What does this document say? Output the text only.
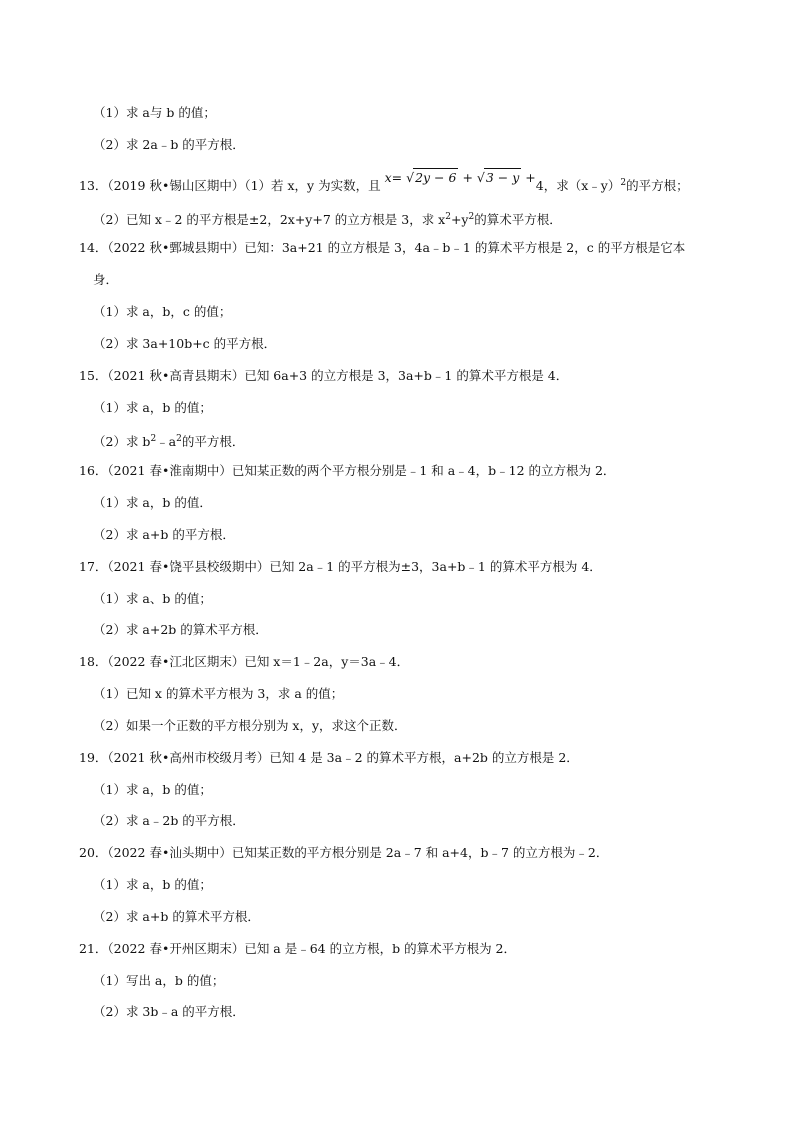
（1）求 a与 b 的值；
（2）求 2a﹣b 的平方根．
13．（2019 秋•锡山区期中）（1）若 x，y 为实数，且 x= √2y − 6 + √3 − y +4，求（x﹣y）$^2$的平方根；
（2）已知 x﹣2 的平方根是±2，2x+y+7 的立方根是 3，求 $x^2+y^2$的算术平方根．
14．（2022 秋•鄄城县期中）已知：3a+21 的立方根是 3，4a﹣b﹣1 的算术平方根是 2，c 的平方根是它本
身．
（1）求 a，b，c 的值；
（2）求 3a+10b+c 的平方根．
15．（2021 秋•高青县期末）已知 6a+3 的立方根是 3，3a+b﹣1 的算术平方根是 4．
（1）求 a，b 的值；
（2）求 $b^2﹣a^2$的平方根．
16．（2021 春•淮南期中）已知某正数的两个平方根分别是﹣1 和 a﹣4，b﹣12 的立方根为 2．
（1）求 a，b 的值．
（2）求 a+b 的平方根．
17．（2021 春•饶平县校级期中）已知 2a﹣1 的平方根为±3，3a+b﹣1 的算术平方根为 4．
（1）求 a、b 的值；
（2）求 a+2b 的算术平方根．
18．（2022 春•江北区期末）已知 x＝1﹣2a，y＝3a﹣4．
（1）已知 x 的算术平方根为 3，求 a 的值；
（2）如果一个正数的平方根分别为 x，y，求这个正数．
19．（2021 秋•高州市校级月考）已知 4 是 3a﹣2 的算术平方根，a+2b 的立方根是 2．
（1）求 a，b 的值；
（2）求 a﹣2b 的平方根．
20．（2022 春•汕头期中）已知某正数的平方根分别是 2a﹣7 和 a+4，b﹣7 的立方根为﹣2．
（1）求 a，b 的值；
（2）求 a+b 的算术平方根．
21．（2022 春•开州区期末）已知 a 是﹣64 的立方根，b 的算术平方根为 2．
（1）写出 a，b 的值；
（2）求 3b﹣a 的平方根．
